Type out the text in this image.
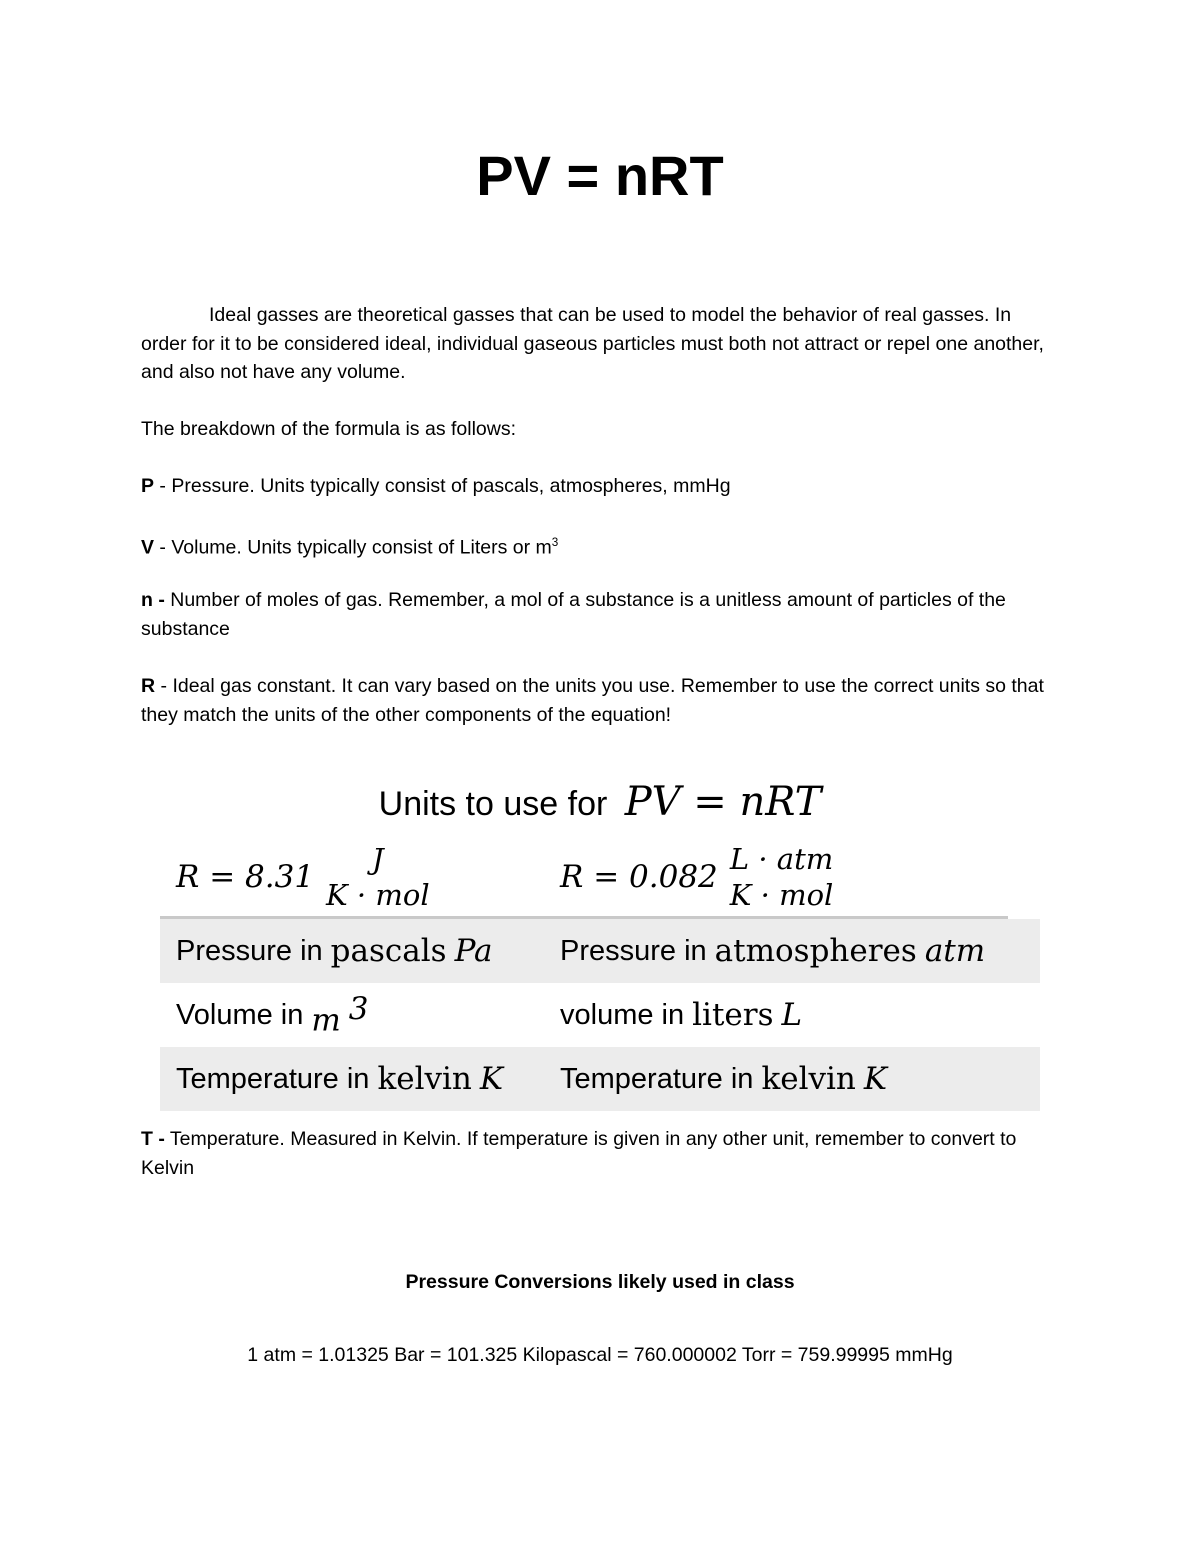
PV = nRT

Ideal gasses are theoretical gasses that can be used to model the behavior of real gasses. In order for it to be considered ideal, individual gaseous particles must both not attract or repel one another, and also not have any volume.

The breakdown of the formula is as follows:

P - Pressure. Units typically consist of pascals, atmospheres, mmHg

V - Volume. Units typically consist of Liters or $m^3$

n - Number of moles of gas. Remember, a mol of a substance is a unitless amount of particles of the substance

R - Ideal gas constant. It can vary based on the units you use. Remember to use the correct units so that they match the units of the other components of the equation!

Units to use for PV = nRT
R = 8.31 J
K · mol	R = 0.082 L · atm
K · mol
Pressure in pascals Pa Pressure in atmospheres atm
Volume in m $^3$	volume in liters L
Temperature in kelvin K Temperature in kelvin K

T - Temperature. Measured in Kelvin. If temperature is given in any other unit, remember to convert to Kelvin

Pressure Conversions likely used in class
1 atm = 1.01325 Bar = 101.325 Kilopascal = 760.000002 Torr = 759.99995 mmHg
